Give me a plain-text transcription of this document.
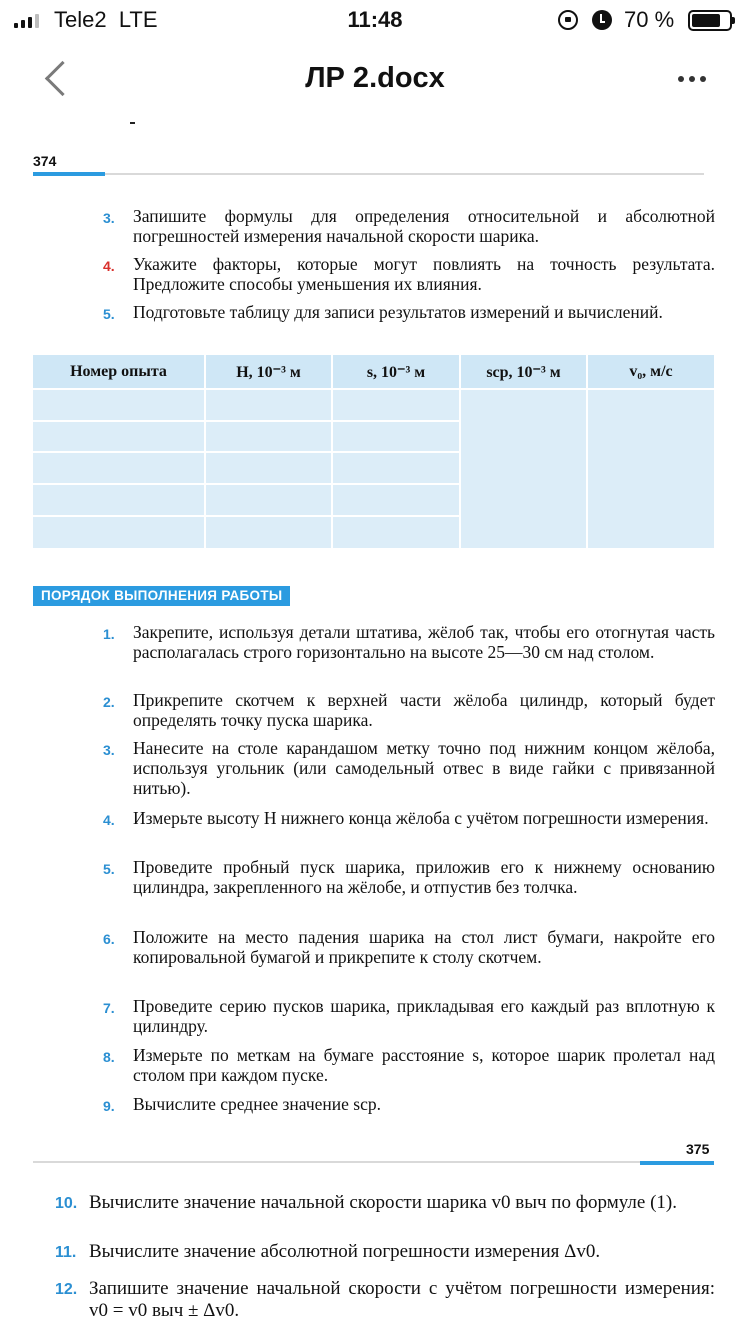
Tele2 LTE	11:48	70 %
ЛР 2.docx
374
3. Запишите формулы для определения относительной и абсолютной погрешностей измерения начальной скорости шарика.
4. Укажите факторы, которые могут повлиять на точность результата. Предложите способы уменьшения их влияния.
5. Подготовьте таблицу для записи результатов измерений и вычислений.
Номер опыта	H, 10⁻³ м	s, 10⁻³ м	sср, 10⁻³ м	v₀, м/с
ПОРЯДОК ВЫПОЛНЕНИЯ РАБОТЫ
1. Закрепите, используя детали штатива, жёлоб так, чтобы его отогнутая часть располагалась строго горизонтально на высоте 25—30 см над столом.
2. Прикрепите скотчем к верхней части жёлоба цилиндр, который будет определять точку пуска шарика.
3. Нанесите на столе карандашом метку точно под нижним концом жёлоба, используя угольник (или самодельный отвес в виде гайки с привязанной нитью).
4. Измерьте высоту H нижнего конца жёлоба с учётом погрешности измерения.
5. Проведите пробный пуск шарика, приложив его к нижнему основанию цилиндра, закрепленного на жёлобе, и отпустив без толчка.
6. Положите на место падения шарика на стол лист бумаги, накройте его копировальной бумагой и прикрепите к столу скотчем.
7. Проведите серию пусков шарика, прикладывая его каждый раз вплотную к цилиндру.
8. Измерьте по меткам на бумаге расстояние s, которое шарик пролетал над столом при каждом пуске.
9. Вычислите среднее значение sср.
375
10. Вычислите значение начальной скорости шарика v0 выч по формуле (1).
11. Вычислите значение абсолютной погрешности измерения Δv0.
12. Запишите значение начальной скорости с учётом погрешности измерения: v0 = v0 выч ± Δv0.
